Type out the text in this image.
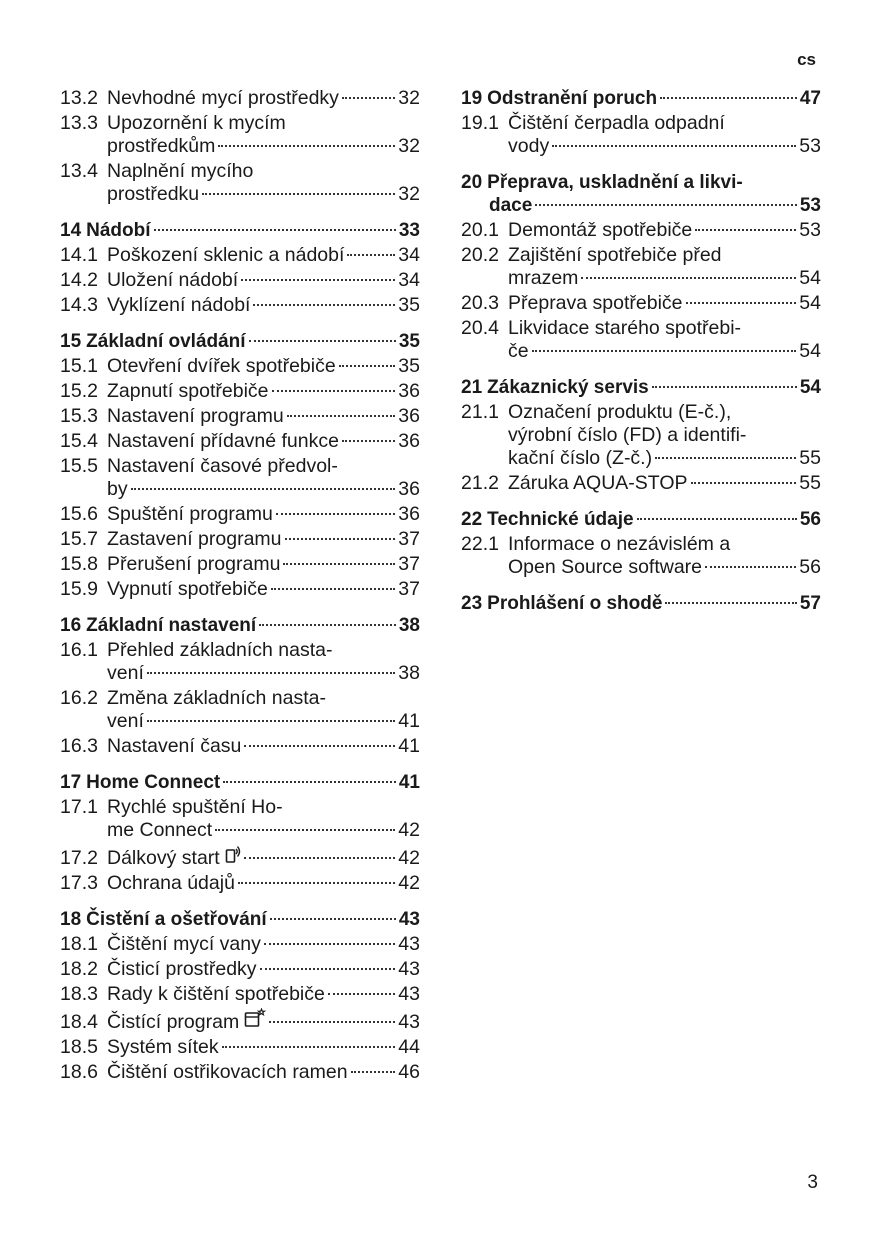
cs
13.2 Nevhodné mycí prostředky	32
13.3 Upozornění k mycím
prostředkům	32
13.4 Naplnění mycího
prostředku	32
14 Nádobí	33
14.1 Poškození sklenic a nádobí	34
14.2 Uložení nádobí	34
14.3 Vyklízení nádobí	35
15 Základní ovládání	35
15.1 Otevření dvířek spotřebiče	35
15.2 Zapnutí spotřebiče	36
15.3 Nastavení programu	36
15.4 Nastavení přídavné funkce	36
15.5 Nastavení časové předvol-
by	36
15.6 Spuštění programu	36
15.7 Zastavení programu	37
15.8 Přerušení programu	37
15.9 Vypnutí spotřebiče	37
16 Základní nastavení	38
16.1 Přehled základních nasta-
vení	38
16.2 Změna základních nasta-
vení	41
16.3 Nastavení času	41
17 Home Connect	41
17.1 Rychlé spuštění Ho-
me Connect	42
17.2 Dálkový start	42
17.3 Ochrana údajů	42
18 Čistění a ošetřování	43
18.1 Čištění mycí vany	43
18.2 Čisticí prostředky	43
18.3 Rady k čištění spotřebiče	43
18.4 Čistící program	43
18.5 Systém sítek	44
18.6 Čištění ostřikovacích ramen	46
19 Odstranění poruch	47
19.1 Čištění čerpadla odpadní
vody	53
20 Přeprava, uskladnění a likvi-
dace	53
20.1 Demontáž spotřebiče	53
20.2 Zajištění spotřebiče před
mrazem	54
20.3 Přeprava spotřebiče	54
20.4 Likvidace starého spotřebi-
če	54
21 Zákaznický servis	54
21.1 Označení produktu (E-č.),
výrobní číslo (FD) a identifi-
kační číslo (Z-č.)	55
21.2 Záruka AQUA-STOP	55
22 Technické údaje	56
22.1 Informace o nezávislém a
Open Source software	56
23 Prohlášení o shodě	57
3
